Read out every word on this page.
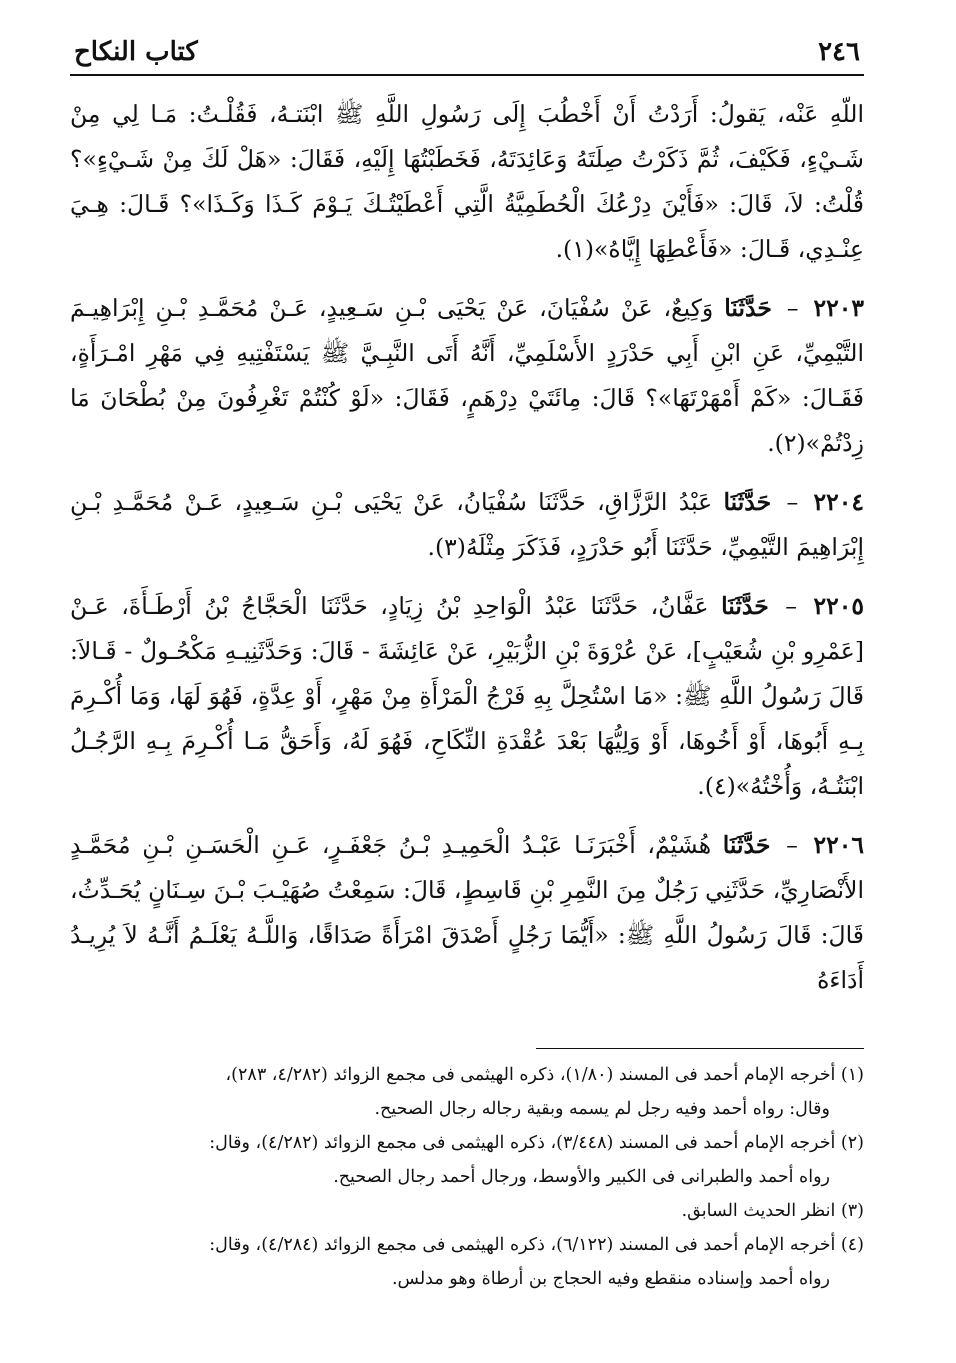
٢٤٦
كتاب النكاح

اللّهِ عَنْه، يَقولُ: أَرَدْتُ أَنْ أَخْطُبَ إِلَى رَسُولِ اللَّهِ ﷺ ابْنَتـهُ، فَقُلْـتُ: مَـا لِي مِنْ شَـيْءٍ، فَكَيْفَ، ثُمَّ ذَكَرْتُ صِلَتَهُ وَعَائِدَتَهُ، فَخَطَبْتُهَا إِلَيْهِ، فَقَالَ: «هَلْ لَكَ مِنْ شَـيْءٍ»؟ قُلْتُ: لاَ، قَالَ: «فَأَيْنَ دِرْعُكَ الْحُطَمِيَّةُ الَّتِي أَعْطَيْتُـكَ يَـوْمَ كَـذَا وَكَـذَا»؟ قَـالَ: هِـيَ عِنْـدِي، قَـالَ: «فَأَعْطِهَا إِيَّاهُ»(١).

٢٢٠٣ – حَدَّثَنَا وَكِيعٌ، عَنْ سُفْيَانَ، عَنْ يَحْيَى بْـنِ سَـعِيدٍ، عَـنْ مُحَمَّـدِ بْـنِ إِبْرَاهِيـمَ التَّيْمِيِّ، عَنِ ابْنِ أَبِي حَدْرَدٍ الأَسْلَمِيِّ، أَنَّهُ أَتَى النَّبِـيَّ ﷺ يَسْتَفْتِيهِ فِي مَهْرِ امْـرَأَةٍ، فَقَـالَ: «كَمْ أَمْهَرْتَهَا»؟ قَالَ: مِائَتَيْ دِرْهَمٍ، فَقَالَ: «لَوْ كُنْتُمْ تَغْرِفُونَ مِنْ بُطْحَانَ مَا زِدْتُمْ»(٢).

٢٢٠٤ – حَدَّثَنَا عَبْدُ الرَّزَّاقِ، حَدَّثَنَا سُفْيَانُ، عَنْ يَحْيَى بْـنِ سَـعِيدٍ، عَـنْ مُحَمَّـدِ بْـنِ إِبْرَاهِيمَ التَّيْمِيِّ، حَدَّثَنَا أَبُو حَدْرَدٍ، فَذَكَرَ مِثْلَهُ(٣).

٢٢٠٥ – حَدَّثَنَا عَفَّانُ، حَدَّثَنَا عَبْدُ الْوَاحِدِ بْنُ زِيَادٍ، حَدَّثَنَا الْحَجَّاجُ بْنُ أَرْطَـأَةَ، عَـنْ [عَمْرِو بْنِ شُعَيْبٍ]، عَنْ عُرْوَةَ بْنِ الزُّبَيْرِ، عَنْ عَائِشَةَ - قَالَ: وَحَدَّثَنِيـهِ مَكْحُـولٌ - قَـالاَ: قَالَ رَسُولُ اللَّهِ ﷺ: «مَا اسْتُحِلَّ بِهِ فَرْجُ الْمَرْأَةِ مِنْ مَهْرٍ، أَوْ عِدَّةٍ، فَهُوَ لَهَا، وَمَا أُكْـرِمَ بِـهِ أَبُوهَا، أَوْ أَخُوهَا، أَوْ وَلِيُّهَا بَعْدَ عُقْدَةِ النِّكَاحِ، فَهُوَ لَهُ، وَأَحَقُّ مَـا أُكْـرِمَ بِـهِ الرَّجُـلُ ابْنَتُـهُ، وَأُخْتُهُ»(٤).

٢٢٠٦ – حَدَّثَنَا هُشَيْمٌ، أَخْبَرَنَـا عَبْـدُ الْحَمِيـدِ بْـنُ جَعْفَـرٍ، عَـنِ الْحَسَـنِ بْـنِ مُحَمَّـدٍ الأَنْصَارِيِّ، حَدَّثَنِي رَجُلٌ مِنَ النَّمِرِ بْنِ قَاسِطٍ، قَالَ: سَمِعْتُ صُهَيْـبَ بْـنَ سِـنَانٍ يُحَـدِّثُ، قَالَ: قَالَ رَسُولُ اللَّهِ ﷺ: «أَيُّمَا رَجُلٍ أَصْدَقَ امْرَأَةً صَدَاقًا، وَاللَّـهُ يَعْلَـمُ أَنَّـهُ لاَ يُرِيـدُ أَدَاءَهُ

(١) أخرجه الإمام أحمد فى المسند (١/٨٠)، ذكره الهيثمى فى مجمع الزوائد (٤/٢٨٢، ٢٨٣)،

وقال: رواه أحمد وفيه رجل لم يسمه وبقية رجاله رجال الصحيح.

(٢) أخرجه الإمام أحمد فى المسند (٣/٤٤٨)، ذكره الهيثمى فى مجمع الزوائد (٤/٢٨٢)، وقال:

رواه أحمد والطبرانى فى الكبير والأوسط، ورجال أحمد رجال الصحيح.

(٣) انظر الحديث السابق.

(٤) أخرجه الإمام أحمد فى المسند (٦/١٢٢)، ذكره الهيثمى فى مجمع الزوائد (٤/٢٨٤)، وقال:

رواه أحمد وإسناده منقطع وفيه الحجاج بن أرطاة وهو مدلس.
